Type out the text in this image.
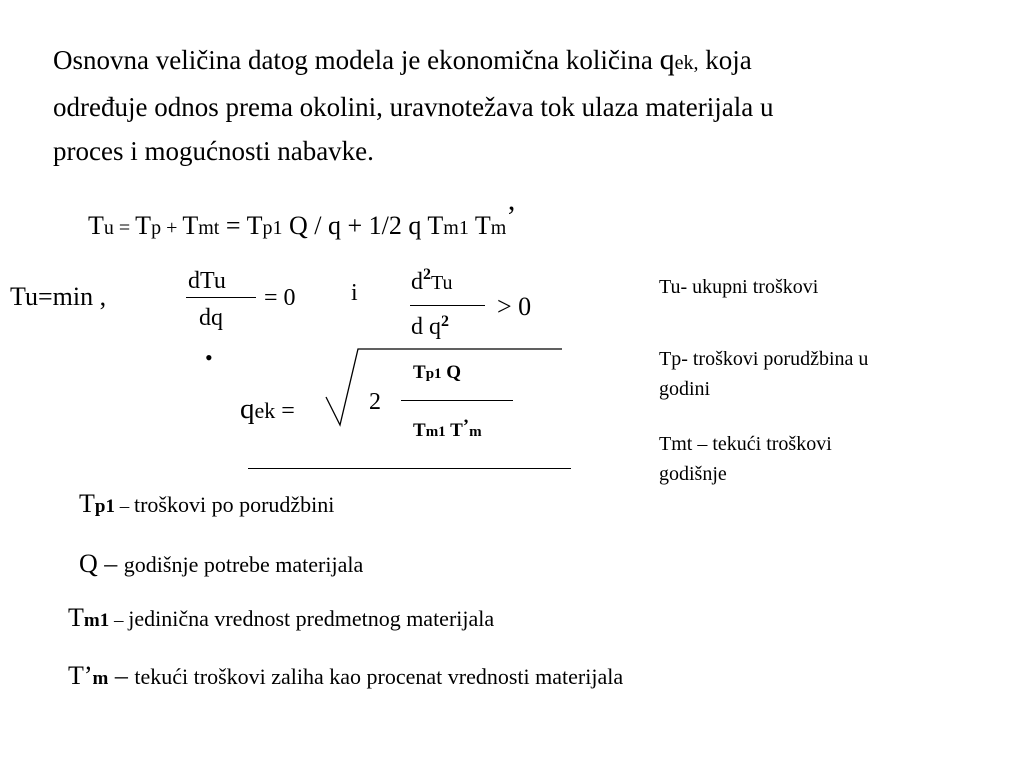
Osnovna veličina datog modela je ekonomična količina qek, koja
određuje odnos prema okolini, uravnotežava tok ulaza materijala u
proces i mogućnosti nabavke.
Tu = Tp + Tmt = Tp1 Q / q + 1/2 q Tm1 Tm’
Tu=min ,
dTu
dq
= 0 i $d^2Tu$
d $q^2$
> 0
•
qek =	2
Tp1 Q
Tm1 T’m
Tu- ukupni troškovi
Tp- troškovi porudžbina u
godini
Tmt – tekući troškovi
godišnje
Tp1 – troškovi po porudžbini
Q – godišnje potrebe materijala
Tm1 – jedinična vrednost predmetnog materijala
T’m – tekući troškovi zaliha kao procenat vrednosti materijala
